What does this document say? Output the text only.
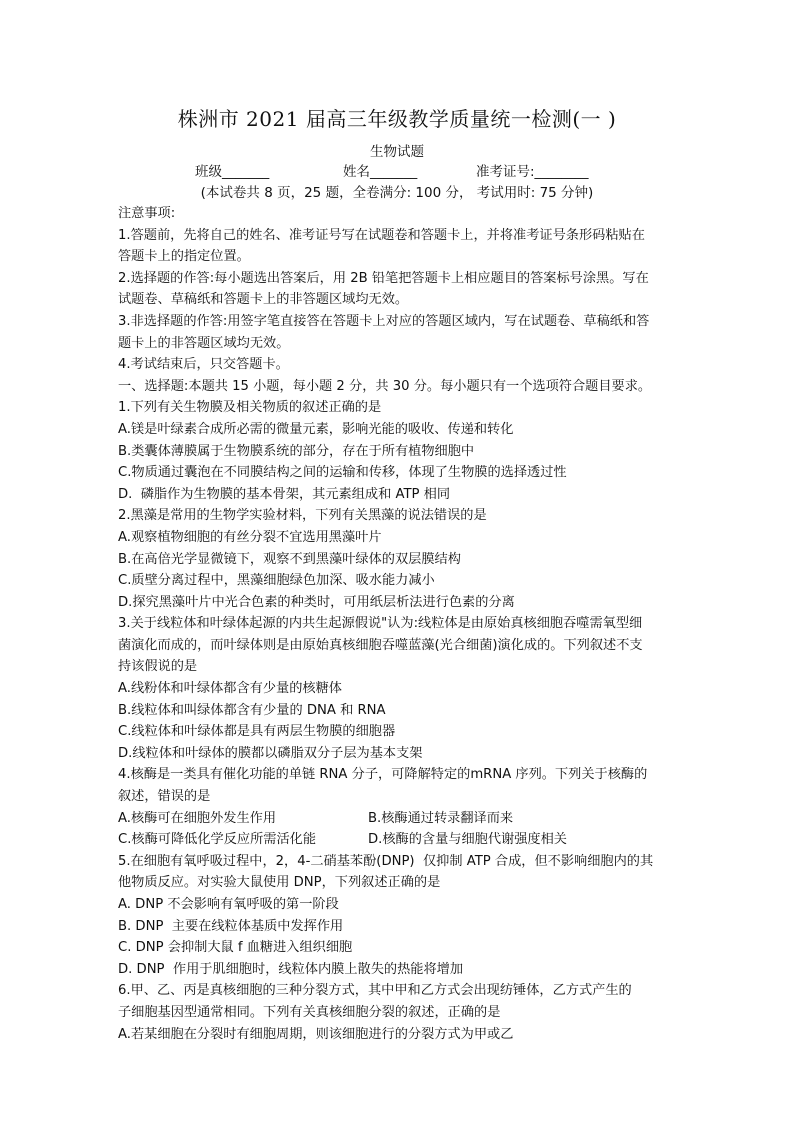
株洲市 2021 届高三年级教学质量统一检测(一 )
生物试题
班级_______	姓名_______	准考证号:________
(本试卷共 8 页，25 题，全卷满分: 100 分， 考试用时: 75 分钟)
注意事项:
1.答题前，先将自己的姓名、准考证号写在试题卷和答题卡上，并将准考证号条形码粘贴在
答题卡上的指定位置。
2.选择题的作答:每小题选出答案后，用 2B 铅笔把答题卡上相应题目的答案标号涂黑。写在
试题卷、草稿纸和答题卡上的非答题区域均无效。
3.非选择题的作答:用签字笔直接答在答题卡上对应的答题区域内，写在试题卷、草稿纸和答
题卡上的非答题区域均无效。
4.考试结束后，只交答题卡。
一、选择题:本题共 15 小题，每小题 2 分，共 30 分。每小题只有一个选项符合题目要求。
1.下列有关生物膜及相关物质的叙述正确的是
A.镁是叶绿素合成所必需的微量元素，影响光能的吸收、传递和转化
B.类囊体薄膜属于生物膜系统的部分，存在于所有植物细胞中
C.物质通过囊泡在不同膜结构之间的运输和传移，体现了生物膜的选择透过性
D.  磷脂作为生物膜的基本骨架，其元素组成和 ATP 相同
2.黑藻是常用的生物学实验材料，下列有关黑藻的说法错误的是
A.观察植物细胞的有丝分裂不宜选用黑藻叶片
B.在高倍光学显微镜下，观察不到黑藻叶绿体的双层膜结构
C.质壁分离过程中，黑藻细胞绿色加深、吸水能力减小
D.探究黑藻叶片中光合色素的种类时，可用纸层析法进行色素的分离
3.关于线粒体和叶绿体起源的内共生起源假说"认为:线粒体是由原始真核细胞吞噬需氧型细
菌演化而成的，而叶绿体则是由原始真核细胞吞噬蓝藻(光合细菌)演化成的。下列叙述不支
持该假说的是
A.线粉体和叶绿体都含有少量的核糖体
B.线粒体和叫绿体都含有少量的 DNA 和 RNA
C.线粒体和叶绿体都是具有两层生物膜的细胞器
D.线粒体和叶绿体的膜都以磷脂双分子层为基本支架
4.核酶是一类具有催化功能的单链 RNA 分子，可降解特定的mRNA 序列。下列关于核酶的
叙述，错误的是
A.核酶可在细胞外发生作用	B.核酶通过转录翻译而来
C.核酶可降低化学反应所需活化能	D.核酶的含量与细胞代谢强度相关
5.在细胞有氧呼吸过程中，2，4-二硝基苯酚(DNP)  仅抑制 ATP 合成，但不影响细胞内的其
他物质反应。对实验大鼠使用 DNP，下列叙述正确的是
A. DNP 不会影响有氧呼吸的第一阶段
B. DNP  主要在线粒体基质中发挥作用
C. DNP 会抑制大鼠 f 血糖进入组织细胞
D. DNP  作用于肌细胞时，线粒体内膜上散失的热能将增加
6.甲、乙、丙是真核细胞的三种分裂方式，其中甲和乙方式会出现纺锤体，乙方式产生的
子细胞基因型通常相同。下列有关真核细胞分裂的叙述，正确的是
A.若某细胞在分裂时有细胞周期，则该细胞进行的分裂方式为甲或乙
